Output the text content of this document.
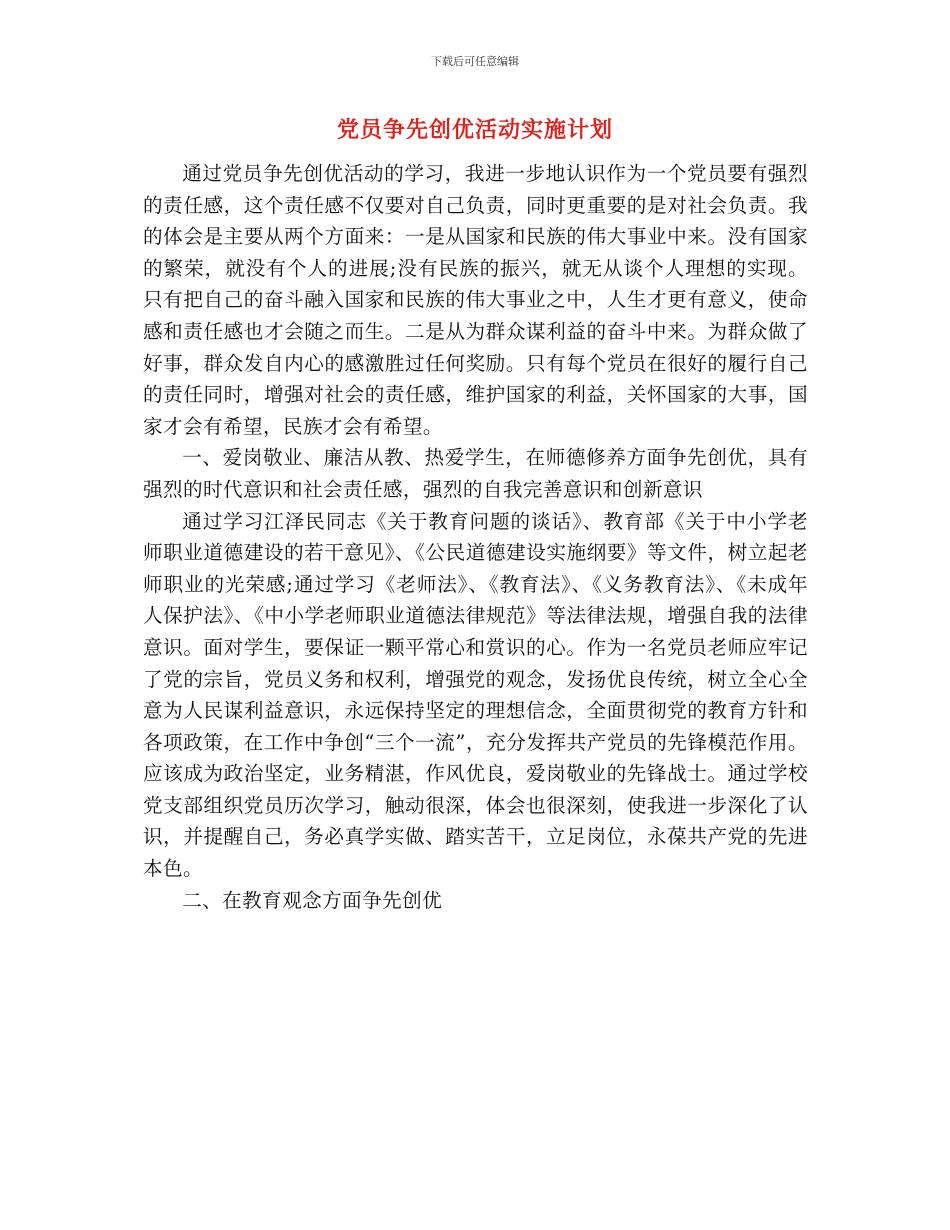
下载后可任意编辑
党员争先创优活动实施计划

通过党员争先创优活动的学习，我进一步地认识作为一个党员要有强烈的责任感，这个责任感不仅要对自己负责，同时更重要的是对社会负责。我的体会是主要从两个方面来：一是从国家和民族的伟大事业中来。没有国家的繁荣，就没有个人的进展;没有民族的振兴，就无从谈个人理想的实现。只有把自己的奋斗融入国家和民族的伟大事业之中，人生才更有意义，使命感和责任感也才会随之而生。二是从为群众谋利益的奋斗中来。为群众做了好事，群众发自内心的感激胜过任何奖励。只有每个党员在很好的履行自己的责任同时，增强对社会的责任感，维护国家的利益，关怀国家的大事，国家才会有希望，民族才会有希望。

一、爱岗敬业、廉洁从教、热爱学生，在师德修养方面争先创优，具有强烈的时代意识和社会责任感，强烈的自我完善意识和创新意识

通过学习江泽民同志《关于教育问题的谈话》、教育部《关于中小学老师职业道德建设的若干意见》、《公民道德建设实施纲要》等文件，树立起老师职业的光荣感;通过学习《老师法》、《教育法》、《义务教育法》、《未成年人保护法》、《中小学老师职业道德法律规范》等法律法规，增强自我的法律意识。面对学生，要保证一颗平常心和赏识的心。作为一名党员老师应牢记了党的宗旨，党员义务和权利，增强党的观念，发扬优良传统，树立全心全意为人民谋利益意识，永远保持坚定的理想信念，全面贯彻党的教育方针和各项政策，在工作中争创“三个一流”，充分发挥共产党员的先锋模范作用。应该成为政治坚定，业务精湛，作风优良，爱岗敬业的先锋战士。通过学校党支部组织党员历次学习，触动很深，体会也很深刻，使我进一步深化了认识，并提醒自己，务必真学实做、踏实苦干，立足岗位，永葆共产党的先进本色。

二、在教育观念方面争先创优
